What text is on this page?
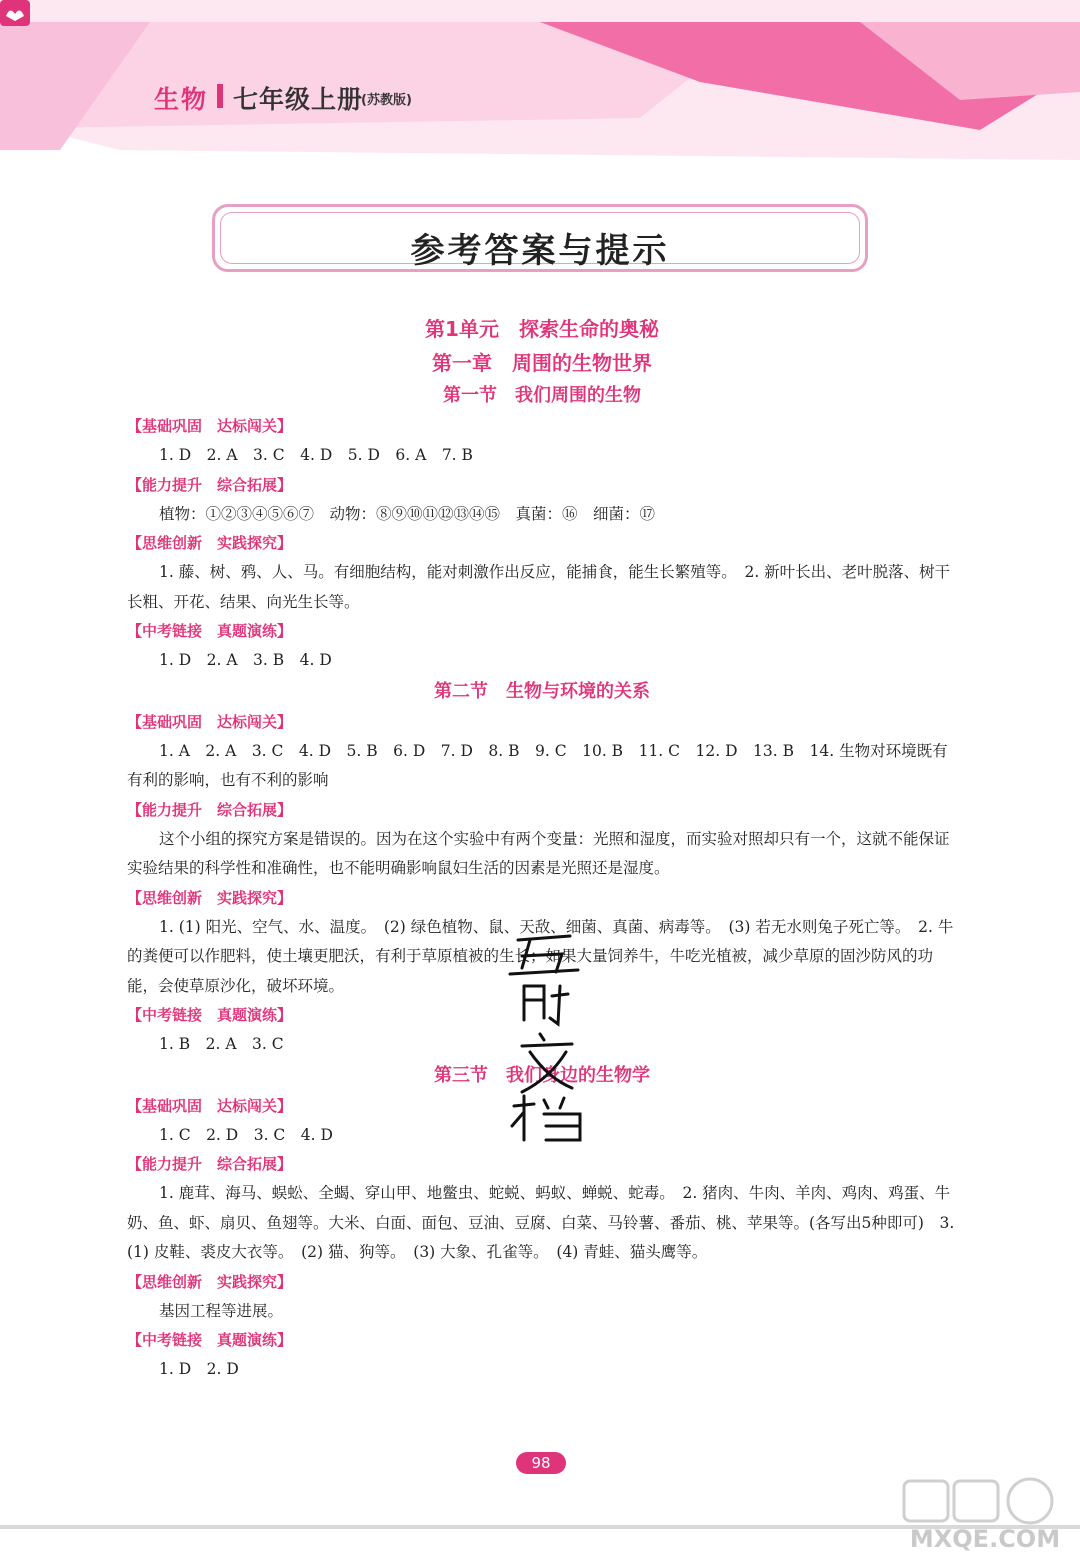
生物 七年级上册
(苏教版)
参考答案与提示
第1单元　探索生命的奥秘
第一章　周围的生物世界
第一节　我们周围的生物
【基础巩固　达标闯关】
1. D　2. A　3. C　4. D　5. D　6. A　7. B
【能力提升　综合拓展】
植物：①②③④⑤⑥⑦　动物：⑧⑨⑩⑪⑫⑬⑭⑮　真菌：⑯　细菌：⑰
【思维创新　实践探究】
1. 藤、树、鸦、人、马。有细胞结构，能对刺激作出反应，能捕食，能生长繁殖等。　2. 新叶长出、老叶脱落、树干长粗、开花、结果、向光生长等。
【中考链接　真题演练】
1. D　2. A　3. B　4. D
第二节　生物与环境的关系
【基础巩固　达标闯关】
1. A　2. A　3. C　4. D　5. B　6. D　7. D　8. B　9. C　10. B　11. C　12. D　13. B　14. 生物对环境既有有利的影响，也有不利的影响
【能力提升　综合拓展】
这个小组的探究方案是错误的。因为在这个实验中有两个变量：光照和湿度，而实验对照却只有一个，这就不能保证实验结果的科学性和准确性，也不能明确影响鼠妇生活的因素是光照还是湿度。
【思维创新　实践探究】
1. (1) 阳光、空气、水、温度。　(2) 绿色植物、鼠、天敌、细菌、真菌、病毒等。　(3) 若无水则兔子死亡等。　2. 牛的粪便可以作肥料，使土壤更肥沃，有利于草原植被的生长；如果大量饲养牛，牛吃光植被，减少草原的固沙防风的功能，会使草原沙化，破坏环境。
【中考链接　真题演练】
1. B　2. A　3. C
第三节　我们身边的生物学
【基础巩固　达标闯关】
1. C　2. D　3. C　4. D
【能力提升　综合拓展】
1. 鹿茸、海马、蜈蚣、全蝎、穿山甲、地鳖虫、蛇蜕、蚂蚁、蝉蜕、蛇毒。　2. 猪肉、牛肉、羊肉、鸡肉、鸡蛋、牛奶、鱼、虾、扇贝、鱼翅等。大米、白面、面包、豆油、豆腐、白菜、马铃薯、番茄、桃、苹果等。(各写出5种即可)　3. (1) 皮鞋、裘皮大衣等。　(2) 猫、狗等。　(3) 大象、孔雀等。　(4) 青蛙、猫头鹰等。
【思维创新　实践探究】
基因工程等进展。
【中考链接　真题演练】
1. D　2. D
98
MXQE.COM
